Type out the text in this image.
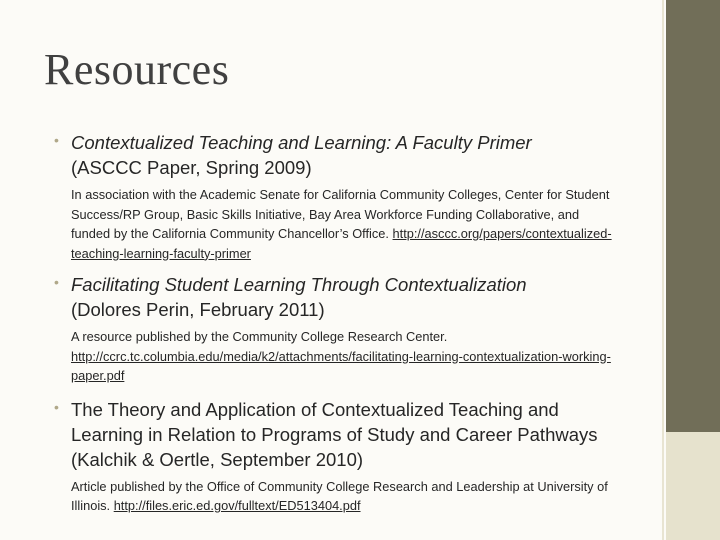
Resources
• Contextualized Teaching and Learning: A Faculty Primer
(ASCCC Paper, Spring 2009)
In association with the Academic Senate for California Community Colleges, Center for Student Success/RP Group, Basic Skills Initiative, Bay Area Workforce Funding Collaborative, and funded by the California Community Chancellor’s Office. http://asccc.org/papers/contextualized-teaching-learning-faculty-primer
• Facilitating Student Learning Through Contextualization
(Dolores Perin, February 2011)
A resource published by the Community College Research Center.
http://ccrc.tc.columbia.edu/media/k2/attachments/facilitating-learning-contextualization-working-paper.pdf
• The Theory and Application of Contextualized Teaching and Learning in Relation to Programs of Study and Career Pathways (Kalchik & Oertle, September 2010)
Article published by the Office of Community College Research and Leadership at University of Illinois. http://files.eric.ed.gov/fulltext/ED513404.pdf
